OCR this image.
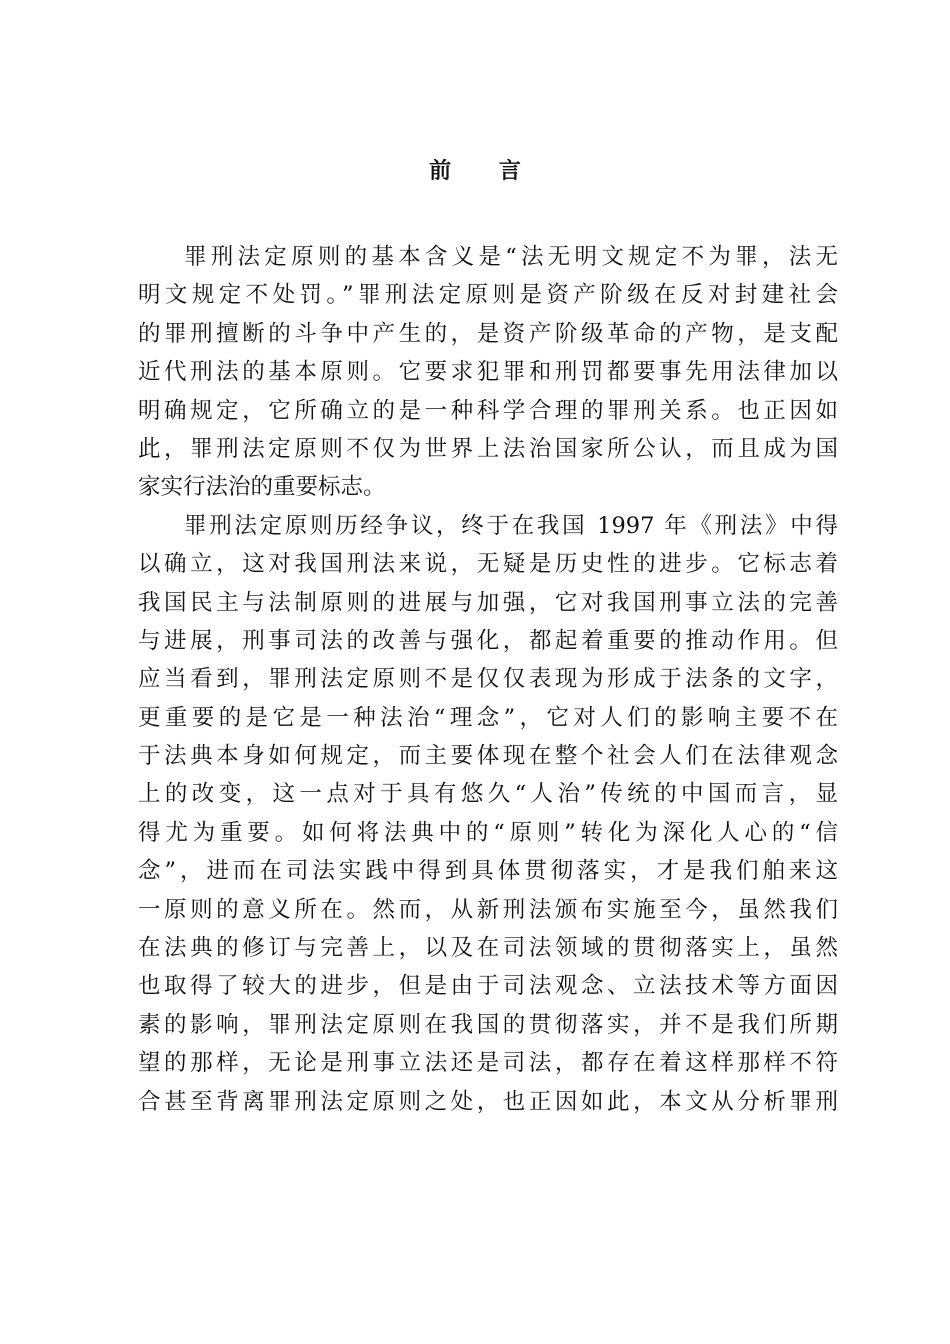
前 言
罪刑法定原则的基本含义是“法无明文规定不为罪，法无
明文规定不处罚。”罪刑法定原则是资产阶级在反对封建社会
的罪刑擅断的斗争中产生的，是资产阶级革命的产物，是支配
近代刑法的基本原则。它要求犯罪和刑罚都要事先用法律加以
明确规定，它所确立的是一种科学合理的罪刑关系。也正因如
此，罪刑法定原则不仅为世界上法治国家所公认，而且成为国
家实行法治的重要标志。
罪刑法定原则历经争议，终于在我国 1997 年《刑法》中得
以确立，这对我国刑法来说，无疑是历史性的进步。它标志着
我国民主与法制原则的进展与加强，它对我国刑事立法的完善
与进展，刑事司法的改善与强化，都起着重要的推动作用。但
应当看到，罪刑法定原则不是仅仅表现为形成于法条的文字，
更重要的是它是一种法治“理念”，它对人们的影响主要不在
于法典本身如何规定，而主要体现在整个社会人们在法律观念
上的改变，这一点对于具有悠久“人治”传统的中国而言，显
得尤为重要。如何将法典中的“原则”转化为深化人心的“信
念”，进而在司法实践中得到具体贯彻落实，才是我们舶来这
一原则的意义所在。然而，从新刑法颁布实施至今，虽然我们
在法典的修订与完善上，以及在司法领域的贯彻落实上，虽然
也取得了较大的进步，但是由于司法观念、立法技术等方面因
素的影响，罪刑法定原则在我国的贯彻落实，并不是我们所期
望的那样，无论是刑事立法还是司法，都存在着这样那样不符
合甚至背离罪刑法定原则之处，也正因如此，本文从分析罪刑
